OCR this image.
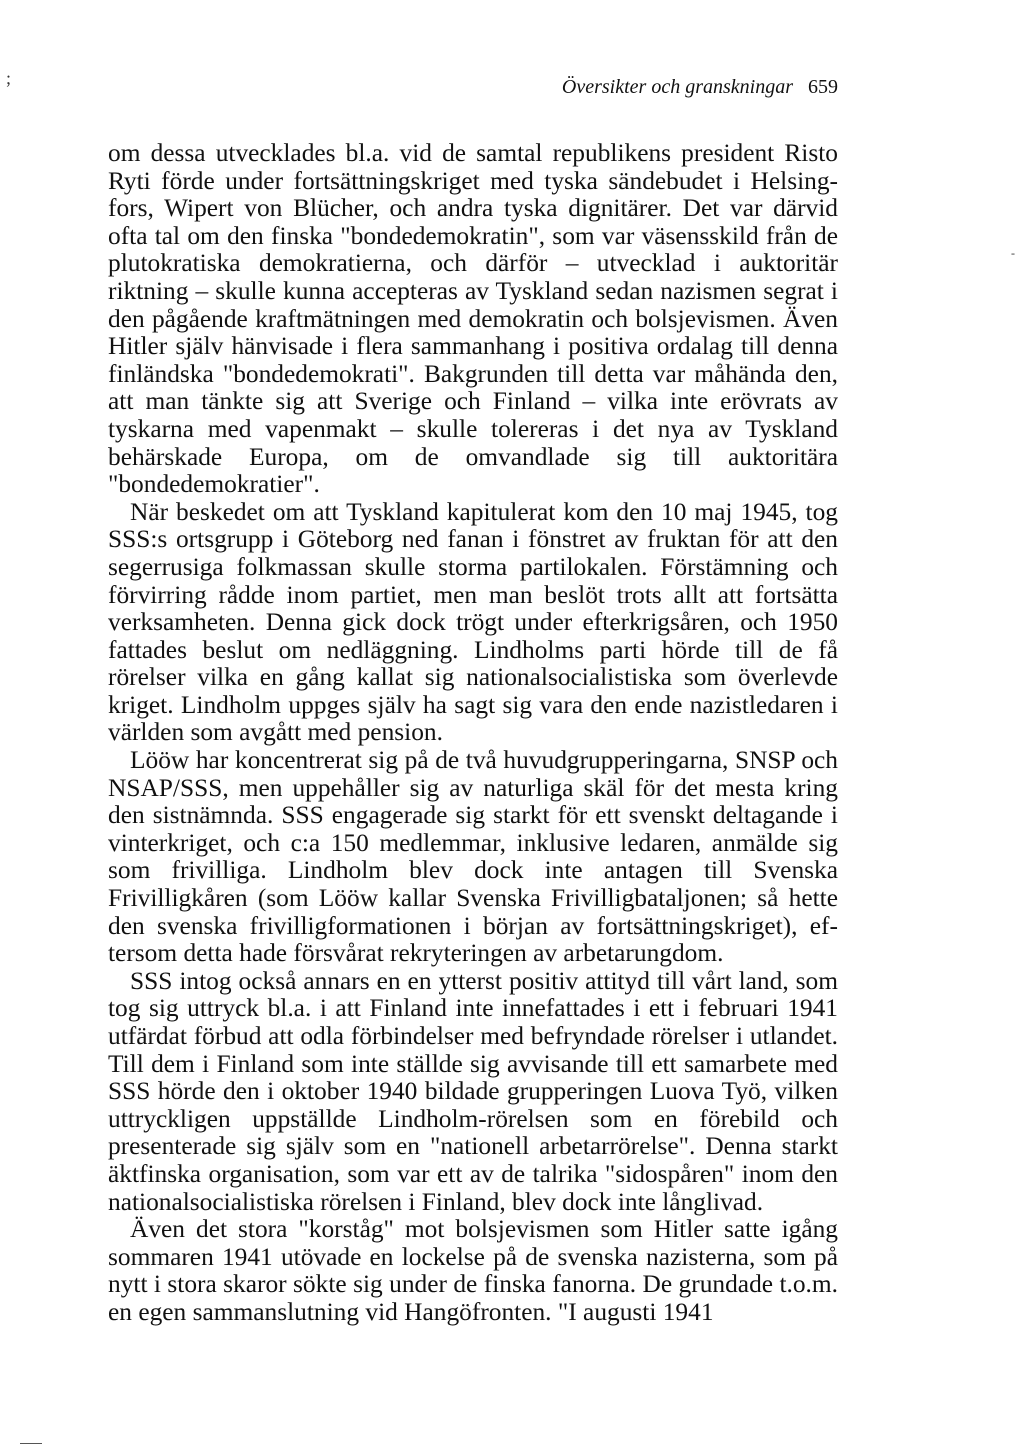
;
-
Översikter och granskningar 659

om dessa utvecklades bl.a. vid de samtal republikens president Risto Ryti förde under fortsättningskriget med tyska sändebudet i Helsingfors, Wipert von Blücher, och andra tyska dignitärer. Det var därvid ofta tal om den finska "bondedemokratin", som var väsensskild från de plutokratiska demokratierna, och därför – utvecklad i auktoritär riktning – skulle kunna accepteras av Tyskland sedan nazismen segrat i den pågående kraftmätningen med demokratin och bolsjevismen. Även Hitler själv hänvisade i flera sammanhang i positiva ordalag till denna finländska "bondedemokrati". Bakgrunden till detta var måhända den, att man tänkte sig att Sverige och Finland – vilka inte erövrats av tyskarna med vapenmakt – skulle tolereras i det nya av Tyskland behärskade Europa, om de omvandlade sig till auktoritära "bondedemokratier".

När beskedet om att Tyskland kapitulerat kom den 10 maj 1945, tog SSS:s ortsgrupp i Göteborg ned fanan i fönstret av fruktan för att den segerrusiga folkmassan skulle storma partilokalen. Förstämning och förvirring rådde inom partiet, men man beslöt trots allt att fortsätta verksamheten. Denna gick dock trögt under efterkrigsåren, och 1950 fattades beslut om nedläggning. Lindholms parti hörde till de få rörelser vilka en gång kallat sig nationalsocialistiska som överlevde kriget. Lindholm uppges själv ha sagt sig vara den ende nazistledaren i världen som avgått med pension.

Lööw har koncentrerat sig på de två huvudgrupperingarna, SNSP och NSAP/SSS, men uppehåller sig av naturliga skäl för det mesta kring den sistnämnda. SSS engagerade sig starkt för ett svenskt deltagande i vinterkriget, och c:a 150 medlemmar, inklusive ledaren, anmälde sig som frivilliga. Lindholm blev dock inte antagen till Svenska Frivilligkåren (som Lööw kallar Svenska Frivilligbataljonen; så hette den svenska frivilligformationen i början av fortsättningskriget), eftersom detta hade försvårat rekryteringen av arbetarungdom.

SSS intog också annars en en ytterst positiv attityd till vårt land, som tog sig uttryck bl.a. i att Finland inte innefattades i ett i februari 1941 utfärdat förbud att odla förbindelser med befryndade rörelser i utlandet. Till dem i Finland som inte ställde sig avvisande till ett samarbete med SSS hörde den i oktober 1940 bildade grupperingen Luova Työ, vilken uttryckligen uppställde Lindholm-rörelsen som en förebild och presenterade sig själv som en "nationell arbetarrörelse". Denna starkt äktfinska organisation, som var ett av de talrika "sidospåren" inom den nationalsocialistiska rörelsen i Finland, blev dock inte långlivad.

Även det stora "korståg" mot bolsjevismen som Hitler satte igång sommaren 1941 utövade en lockelse på de svenska nazisterna, som på nytt i stora skaror sökte sig under de finska fanorna. De grundade t.o.m. en egen sammanslutning vid Hangöfronten. "I augusti 1941
